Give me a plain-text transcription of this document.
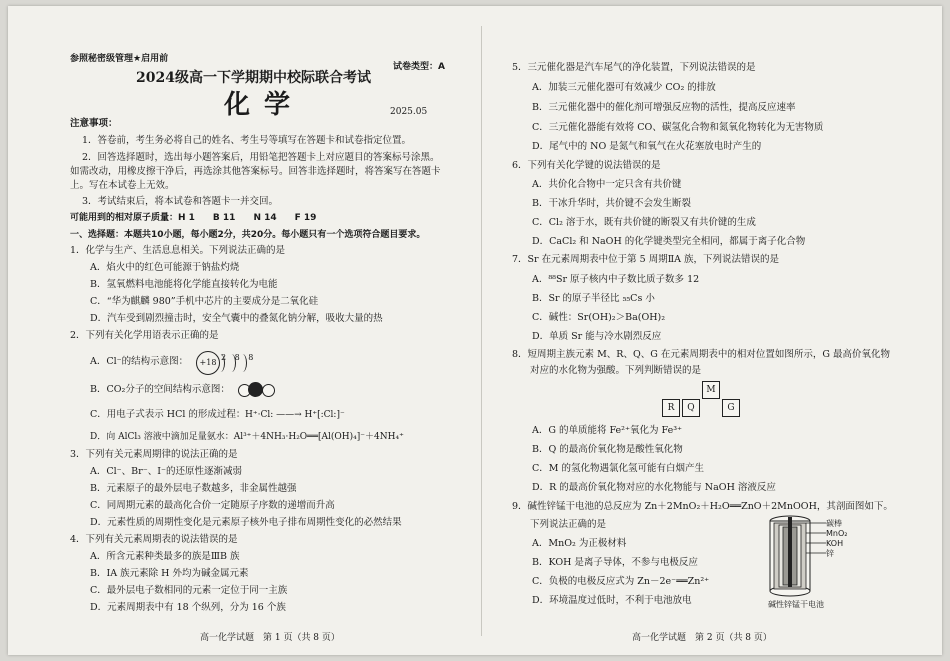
参照秘密级管理★启用前
试卷类型：A
2024级高一下学期期中校际联合考试
化学	2025.05
注意事项：
1．答卷前，考生务必将自己的姓名、考生号等填写在答题卡和试卷指定位置。
2．回答选择题时，选出每小题答案后，用铅笔把答题卡上对应题目的答案标号涂黑。
如需改动，用橡皮擦干净后，再选涂其他答案标号。回答非选择题时，将答案写在答题卡
上。写在本试卷上无效。
3．考试结束后，将本试卷和答题卡一并交回。
可能用到的相对原子质量：H 1　　B 11　　N 14　　F 19
一、选择题：本题共10小题，每小题2分，共20分。每小题只有一个选项符合题目要求。
1．化学与生产、生活息息相关。下列说法正确的是
A．焰火中的红色可能源于钠盐灼烧
B．氢氧燃料电池能将化学能直接转化为电能
C．“华为麒麟 980”手机中芯片的主要成分是二氧化硅
D．汽车受到剧烈撞击时，安全气囊中的叠氮化钠分解，吸收大量的热
2．下列有关化学用语表示正确的是
A．Cl⁻的结构示意图：	+18
2 8 8
B．CO₂分子的空间结构示意图：
C．用电子式表示 HCl 的形成过程： H⁺·Cl: ——→ H⁺[:Cl:]⁻
D．向 AlCl₃ 溶液中滴加足量氨水：Al³⁺＋4NH₃·H₂O══[Al(OH)₄]⁻＋4NH₄⁺
3．下列有关元素周期律的说法正确的是
A．Cl⁻、Br⁻、I⁻的还原性逐渐减弱
B．元素原子的最外层电子数越多，非金属性越强
C．同周期元素的最高化合价一定随原子序数的递增而升高
D．元素性质的周期性变化是元素原子核外电子排布周期性变化的必然结果
4．下列有关元素周期表的说法错误的是
A．所含元素种类最多的族是ⅢB 族
B．ⅠA 族元素除 H 外均为碱金属元素
C．最外层电子数相同的元素一定位于同一主族
D．元素周期表中有 18 个纵列，分为 16 个族
高一化学试题　第 1 页（共 8 页）
5．三元催化器是汽车尾气的净化装置，下列说法错误的是
A．加装三元催化器可有效减少 CO₂ 的排放
B．三元催化器中的催化剂可增强反应物的活性，提高反应速率
C．三元催化器能有效将 CO、碳氢化合物和氮氧化物转化为无害物质
D．尾气中的 NO 是氮气和氧气在火花塞放电时产生的
6．下列有关化学键的说法错误的是
A．共价化合物中一定只含有共价键
B．干冰升华时，共价键不会发生断裂
C．Cl₂ 溶于水，既有共价键的断裂又有共价键的生成
D．CaCl₂ 和 NaOH 的化学键类型完全相同，都属于离子化合物
7．Sr 在元素周期表中位于第 5 周期ⅡA 族，下列说法错误的是
A．⁸⁸Sr 原子核内中子数比质子数多 12
B．Sr 的原子半径比 ₅₅Cs 小
C．碱性：Sr(OH)₂＞Ba(OH)₂
D．单质 Sr 能与冷水剧烈反应
8．短周期主族元素 M、R、Q、G 在元素周期表中的相对位置如图所示，G 最高价氧化物
对应的水化物为强酸。下列判断错误的是
M
R	Q	G
A．G 的单质能将 Fe²⁺氧化为 Fe³⁺
B．Q 的最高价氧化物是酸性氧化物
C．M 的氢化物遇氯化氢可能有白烟产生
D．R 的最高价氧化物对应的水化物能与 NaOH 溶液反应
9．碱性锌锰干电池的总反应为 Zn＋2MnO₂＋H₂O══ZnO＋2MnOOH，其剖面图如下。
下列说法正确的是
A．MnO₂ 为正极材料
B．KOH 是离子导体，不参与电极反应
C．负极的电极反应式为 Zn－2e⁻══Zn²⁺
D．环境温度过低时，不利于电池放电
碳棒
MnO₂
KOH
锌
碱性锌锰干电池
高一化学试题　第 2 页（共 8 页）
